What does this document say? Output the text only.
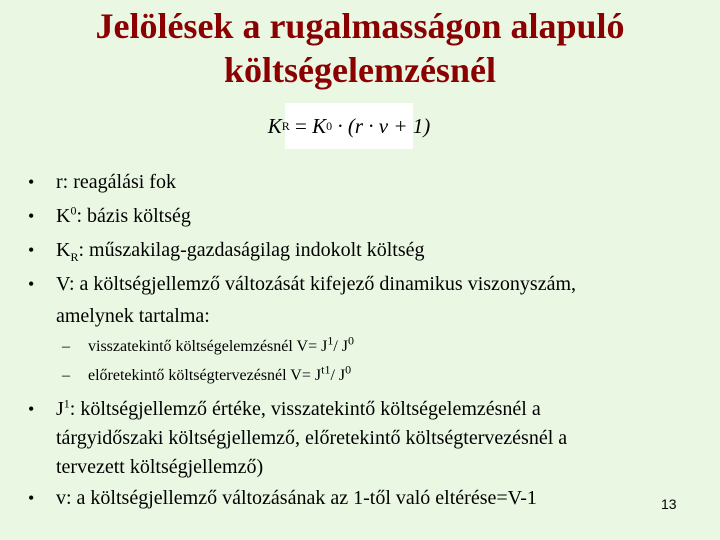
Jelölések a rugalmasságon alapuló
költségelemzésnél
K R = K 0 · (r · v + 1)
• r: reagálási fok
• $K^0$: bázis költség
• $K_R$: műszakilag-gazdaságilag indokolt költség
• V: a költségjellemző változását kifejező dinamikus viszonyszám,
amelynek tartalma:
– visszatekintő költségelemzésnél $V= J^1/$ $J^0$
– előretekintő költségtervezésnél $V= J^{t1}/$ $J^0$
• $J^1$: költségjellemző értéke, visszatekintő költségelemzésnél a
tárgyidőszaki költségjellemző, előretekintő költségtervezésnél a
tervezett költségjellemző)
• v: a költségjellemző változásának az 1-től való eltérése=V-1	13
